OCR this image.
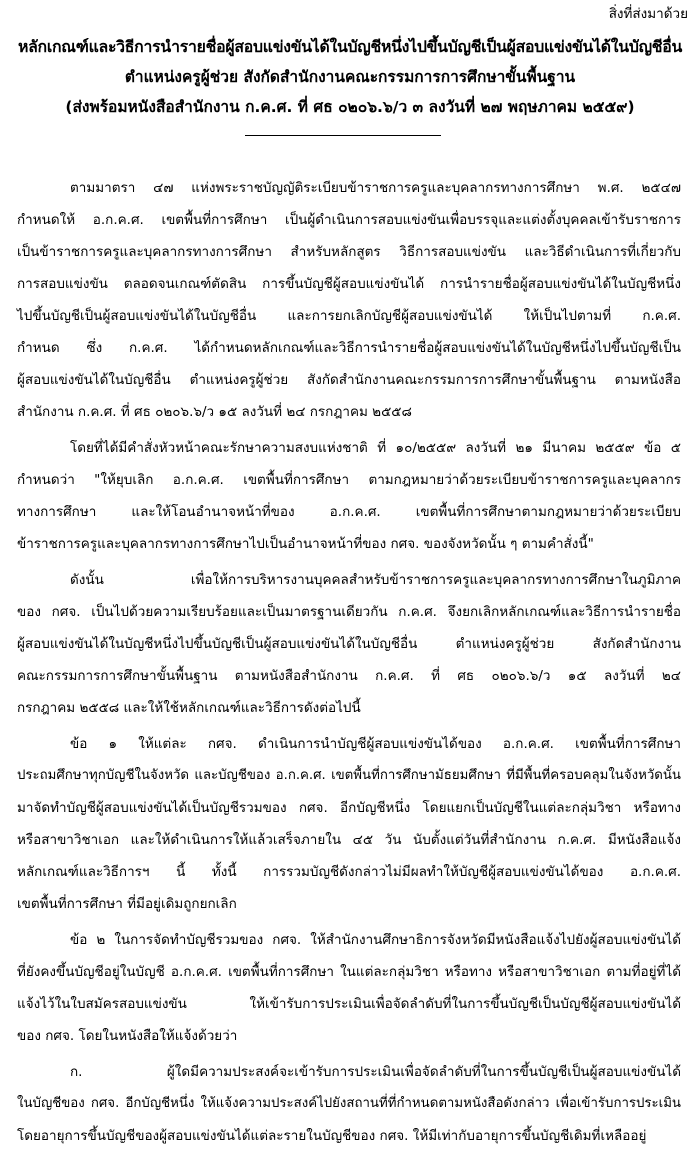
สิ่งที่ส่งมาด้วย
หลักเกณฑ์และวิธีการนำรายชื่อผู้สอบแข่งขันได้ในบัญชีหนึ่งไปขึ้นบัญชีเป็นผู้สอบแข่งขันได้ในบัญชีอื่น
ตำแหน่งครูผู้ช่วย สังกัดสำนักงานคณะกรรมการการศึกษาขั้นพื้นฐาน
(ส่งพร้อมหนังสือสำนักงาน ก.ค.ศ. ที่ ศธ ๐๒๐๖.๖/ว ๓ ลงวันที่ ๒๗ พฤษภาคม ๒๕๕๙)
ตามมาตรา ๔๗ แห่งพระราชบัญญัติระเบียบข้าราชการครูและบุคลากรทางการศึกษา พ.ศ. ๒๕๔๗
กำหนดให้ อ.ก.ค.ศ. เขตพื้นที่การศึกษา เป็นผู้ดำเนินการสอบแข่งขันเพื่อบรรจุและแต่งตั้งบุคคลเข้ารับราชการ
เป็นข้าราชการครูและบุคลากรทางการศึกษา สำหรับหลักสูตร วิธีการสอบแข่งขัน และวิธีดำเนินการที่เกี่ยวกับ
การสอบแข่งขัน ตลอดจนเกณฑ์ตัดสิน การขึ้นบัญชีผู้สอบแข่งขันได้ การนำรายชื่อผู้สอบแข่งขันได้ในบัญชีหนึ่ง
ไปขึ้นบัญชีเป็นผู้สอบแข่งขันได้ในบัญชีอื่น และการยกเลิกบัญชีผู้สอบแข่งขันได้ ให้เป็นไปตามที่ ก.ค.ศ.
กำหนด ซึ่ง ก.ค.ศ. ได้กำหนดหลักเกณฑ์และวิธีการนำรายชื่อผู้สอบแข่งขันได้ในบัญชีหนึ่งไปขึ้นบัญชีเป็น
ผู้สอบแข่งขันได้ในบัญชีอื่น ตำแหน่งครูผู้ช่วย สังกัดสำนักงานคณะกรรมการการศึกษาขั้นพื้นฐาน ตามหนังสือ
สำนักงาน ก.ค.ศ. ที่ ศธ ๐๒๐๖.๖/ว ๑๕ ลงวันที่ ๒๔ กรกฎาคม ๒๕๕๘
โดยที่ได้มีคำสั่งหัวหน้าคณะรักษาความสงบแห่งชาติ ที่ ๑๐/๒๕๕๙ ลงวันที่ ๒๑ มีนาคม ๒๕๕๙ ข้อ ๕
กำหนดว่า "ให้ยุบเลิก อ.ก.ค.ศ. เขตพื้นที่การศึกษา ตามกฎหมายว่าด้วยระเบียบข้าราชการครูและบุคลากร
ทางการศึกษา และให้โอนอำนาจหน้าที่ของ อ.ก.ค.ศ. เขตพื้นที่การศึกษาตามกฎหมายว่าด้วยระเบียบ
ข้าราชการครูและบุคลากรทางการศึกษาไปเป็นอำนาจหน้าที่ของ กศจ. ของจังหวัดนั้น ๆ ตามคำสั่งนี้"
ดังนั้น เพื่อให้การบริหารงานบุคคลสำหรับข้าราชการครูและบุคลากรทางการศึกษาในภูมิภาค
ของ กศจ. เป็นไปด้วยความเรียบร้อยและเป็นมาตรฐานเดียวกัน ก.ค.ศ. จึงยกเลิกหลักเกณฑ์และวิธีการนำรายชื่อ
ผู้สอบแข่งขันได้ในบัญชีหนึ่งไปขึ้นบัญชีเป็นผู้สอบแข่งขันได้ในบัญชีอื่น ตำแหน่งครูผู้ช่วย สังกัดสำนักงาน
คณะกรรมการการศึกษาขั้นพื้นฐาน ตามหนังสือสำนักงาน ก.ค.ศ. ที่ ศธ ๐๒๐๖.๖/ว ๑๕ ลงวันที่ ๒๔
กรกฎาคม ๒๕๕๘ และให้ใช้หลักเกณฑ์และวิธีการดังต่อไปนี้
ข้อ ๑ ให้แต่ละ กศจ. ดำเนินการนำบัญชีผู้สอบแข่งขันได้ของ อ.ก.ค.ศ. เขตพื้นที่การศึกษา
ประถมศึกษาทุกบัญชีในจังหวัด และบัญชีของ อ.ก.ค.ศ. เขตพื้นที่การศึกษามัธยมศึกษา ที่มีพื้นที่ครอบคลุมในจังหวัดนั้น
มาจัดทำบัญชีผู้สอบแข่งขันได้เป็นบัญชีรวมของ กศจ. อีกบัญชีหนึ่ง โดยแยกเป็นบัญชีในแต่ละกลุ่มวิชา หรือทาง
หรือสาขาวิชาเอก และให้ดำเนินการให้แล้วเสร็จภายใน ๔๕ วัน นับตั้งแต่วันที่สำนักงาน ก.ค.ศ. มีหนังสือแจ้ง
หลักเกณฑ์และวิธีการฯ นี้ ทั้งนี้ การรวมบัญชีดังกล่าวไม่มีผลทำให้บัญชีผู้สอบแข่งขันได้ของ อ.ก.ค.ศ.
เขตพื้นที่การศึกษา ที่มีอยู่เดิมถูกยกเลิก
ข้อ ๒ ในการจัดทำบัญชีรวมของ กศจ. ให้สำนักงานศึกษาธิการจังหวัดมีหนังสือแจ้งไปยังผู้สอบแข่งขันได้
ที่ยังคงขึ้นบัญชีอยู่ในบัญชี อ.ก.ค.ศ. เขตพื้นที่การศึกษา ในแต่ละกลุ่มวิชา หรือทาง หรือสาขาวิชาเอก ตามที่อยู่ที่ได้
แจ้งไว้ในใบสมัครสอบแข่งขัน ให้เข้ารับการประเมินเพื่อจัดลำดับที่ในการขึ้นบัญชีเป็นบัญชีผู้สอบแข่งขันได้
ของ กศจ. โดยในหนังสือให้แจ้งด้วยว่า
ก. ผู้ใดมีความประสงค์จะเข้ารับการประเมินเพื่อจัดลำดับที่ในการขึ้นบัญชีเป็นผู้สอบแข่งขันได้
ในบัญชีของ กศจ. อีกบัญชีหนึ่ง ให้แจ้งความประสงค์ไปยังสถานที่ที่กำหนดตามหนังสือดังกล่าว เพื่อเข้ารับการประเมิน
โดยอายุการขึ้นบัญชีของผู้สอบแข่งขันได้แต่ละรายในบัญชีของ กศจ. ให้มีเท่ากับอายุการขึ้นบัญชีเดิมที่เหลืออยู่
